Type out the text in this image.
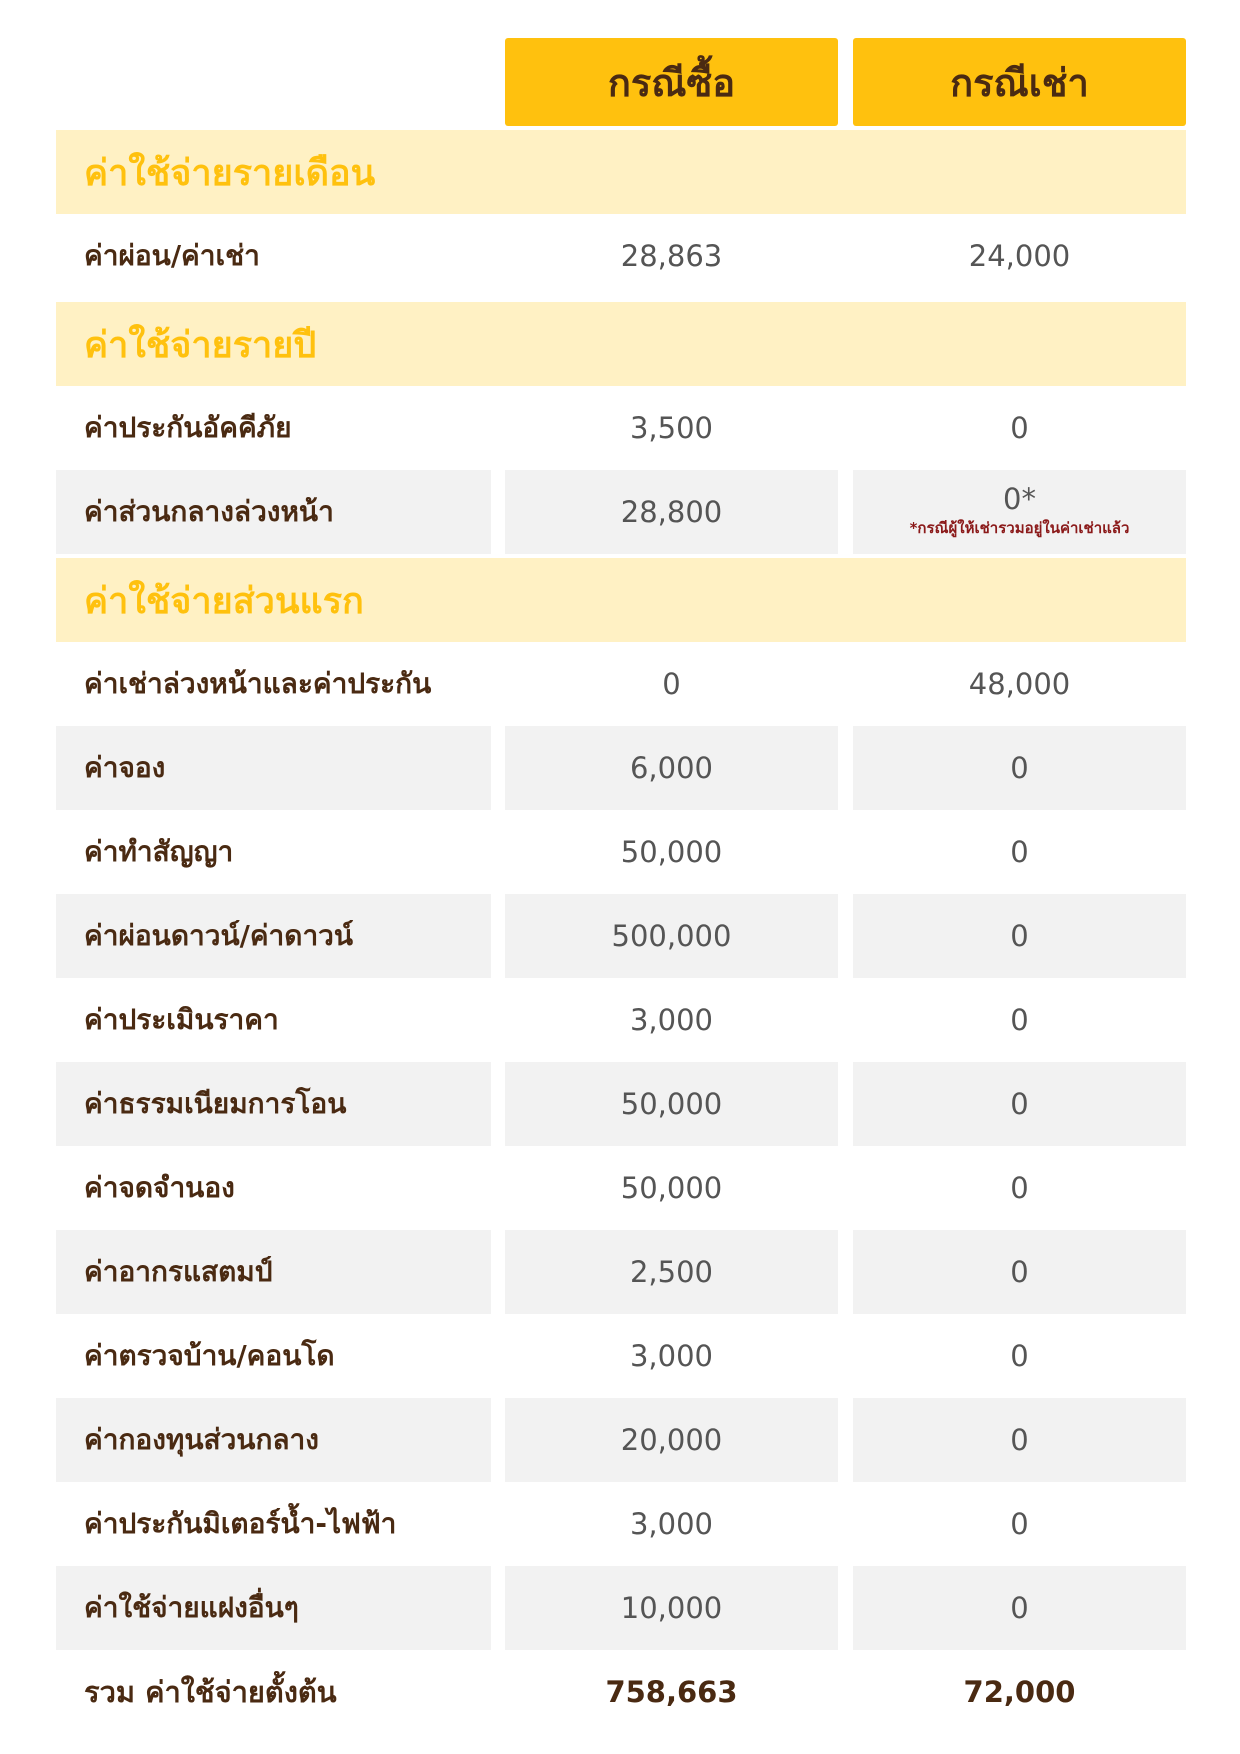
กรณีซื้อ	กรณีเช่า
ค่าใช้จ่ายรายเดือน
ค่าผ่อน/ค่าเช่า	28,863	24,000
ค่าใช้จ่ายรายปี
ค่าประกันอัคคีภัย	3,500	0
ค่าส่วนกลางล่วงหน้า	28,800	0*
*กรณีผู้ให้เช่ารวมอยู่ในค่าเช่าแล้ว
ค่าใช้จ่ายส่วนแรก
ค่าเช่าล่วงหน้าและค่าประกัน	0	48,000
ค่าจอง	6,000	0
ค่าทำสัญญา	50,000	0
ค่าผ่อนดาวน์/ค่าดาวน์	500,000	0
ค่าประเมินราคา	3,000	0
ค่าธรรมเนียมการโอน	50,000	0
ค่าจดจำนอง	50,000	0
ค่าอากรแสตมป์	2,500	0
ค่าตรวจบ้าน/คอนโด	3,000	0
ค่ากองทุนส่วนกลาง	20,000	0
ค่าประกันมิเตอร์น้ำ-ไฟฟ้า	3,000	0
ค่าใช้จ่ายแฝงอื่นๆ	10,000	0
รวม ค่าใช้จ่ายตั้งต้น	758,663	72,000
